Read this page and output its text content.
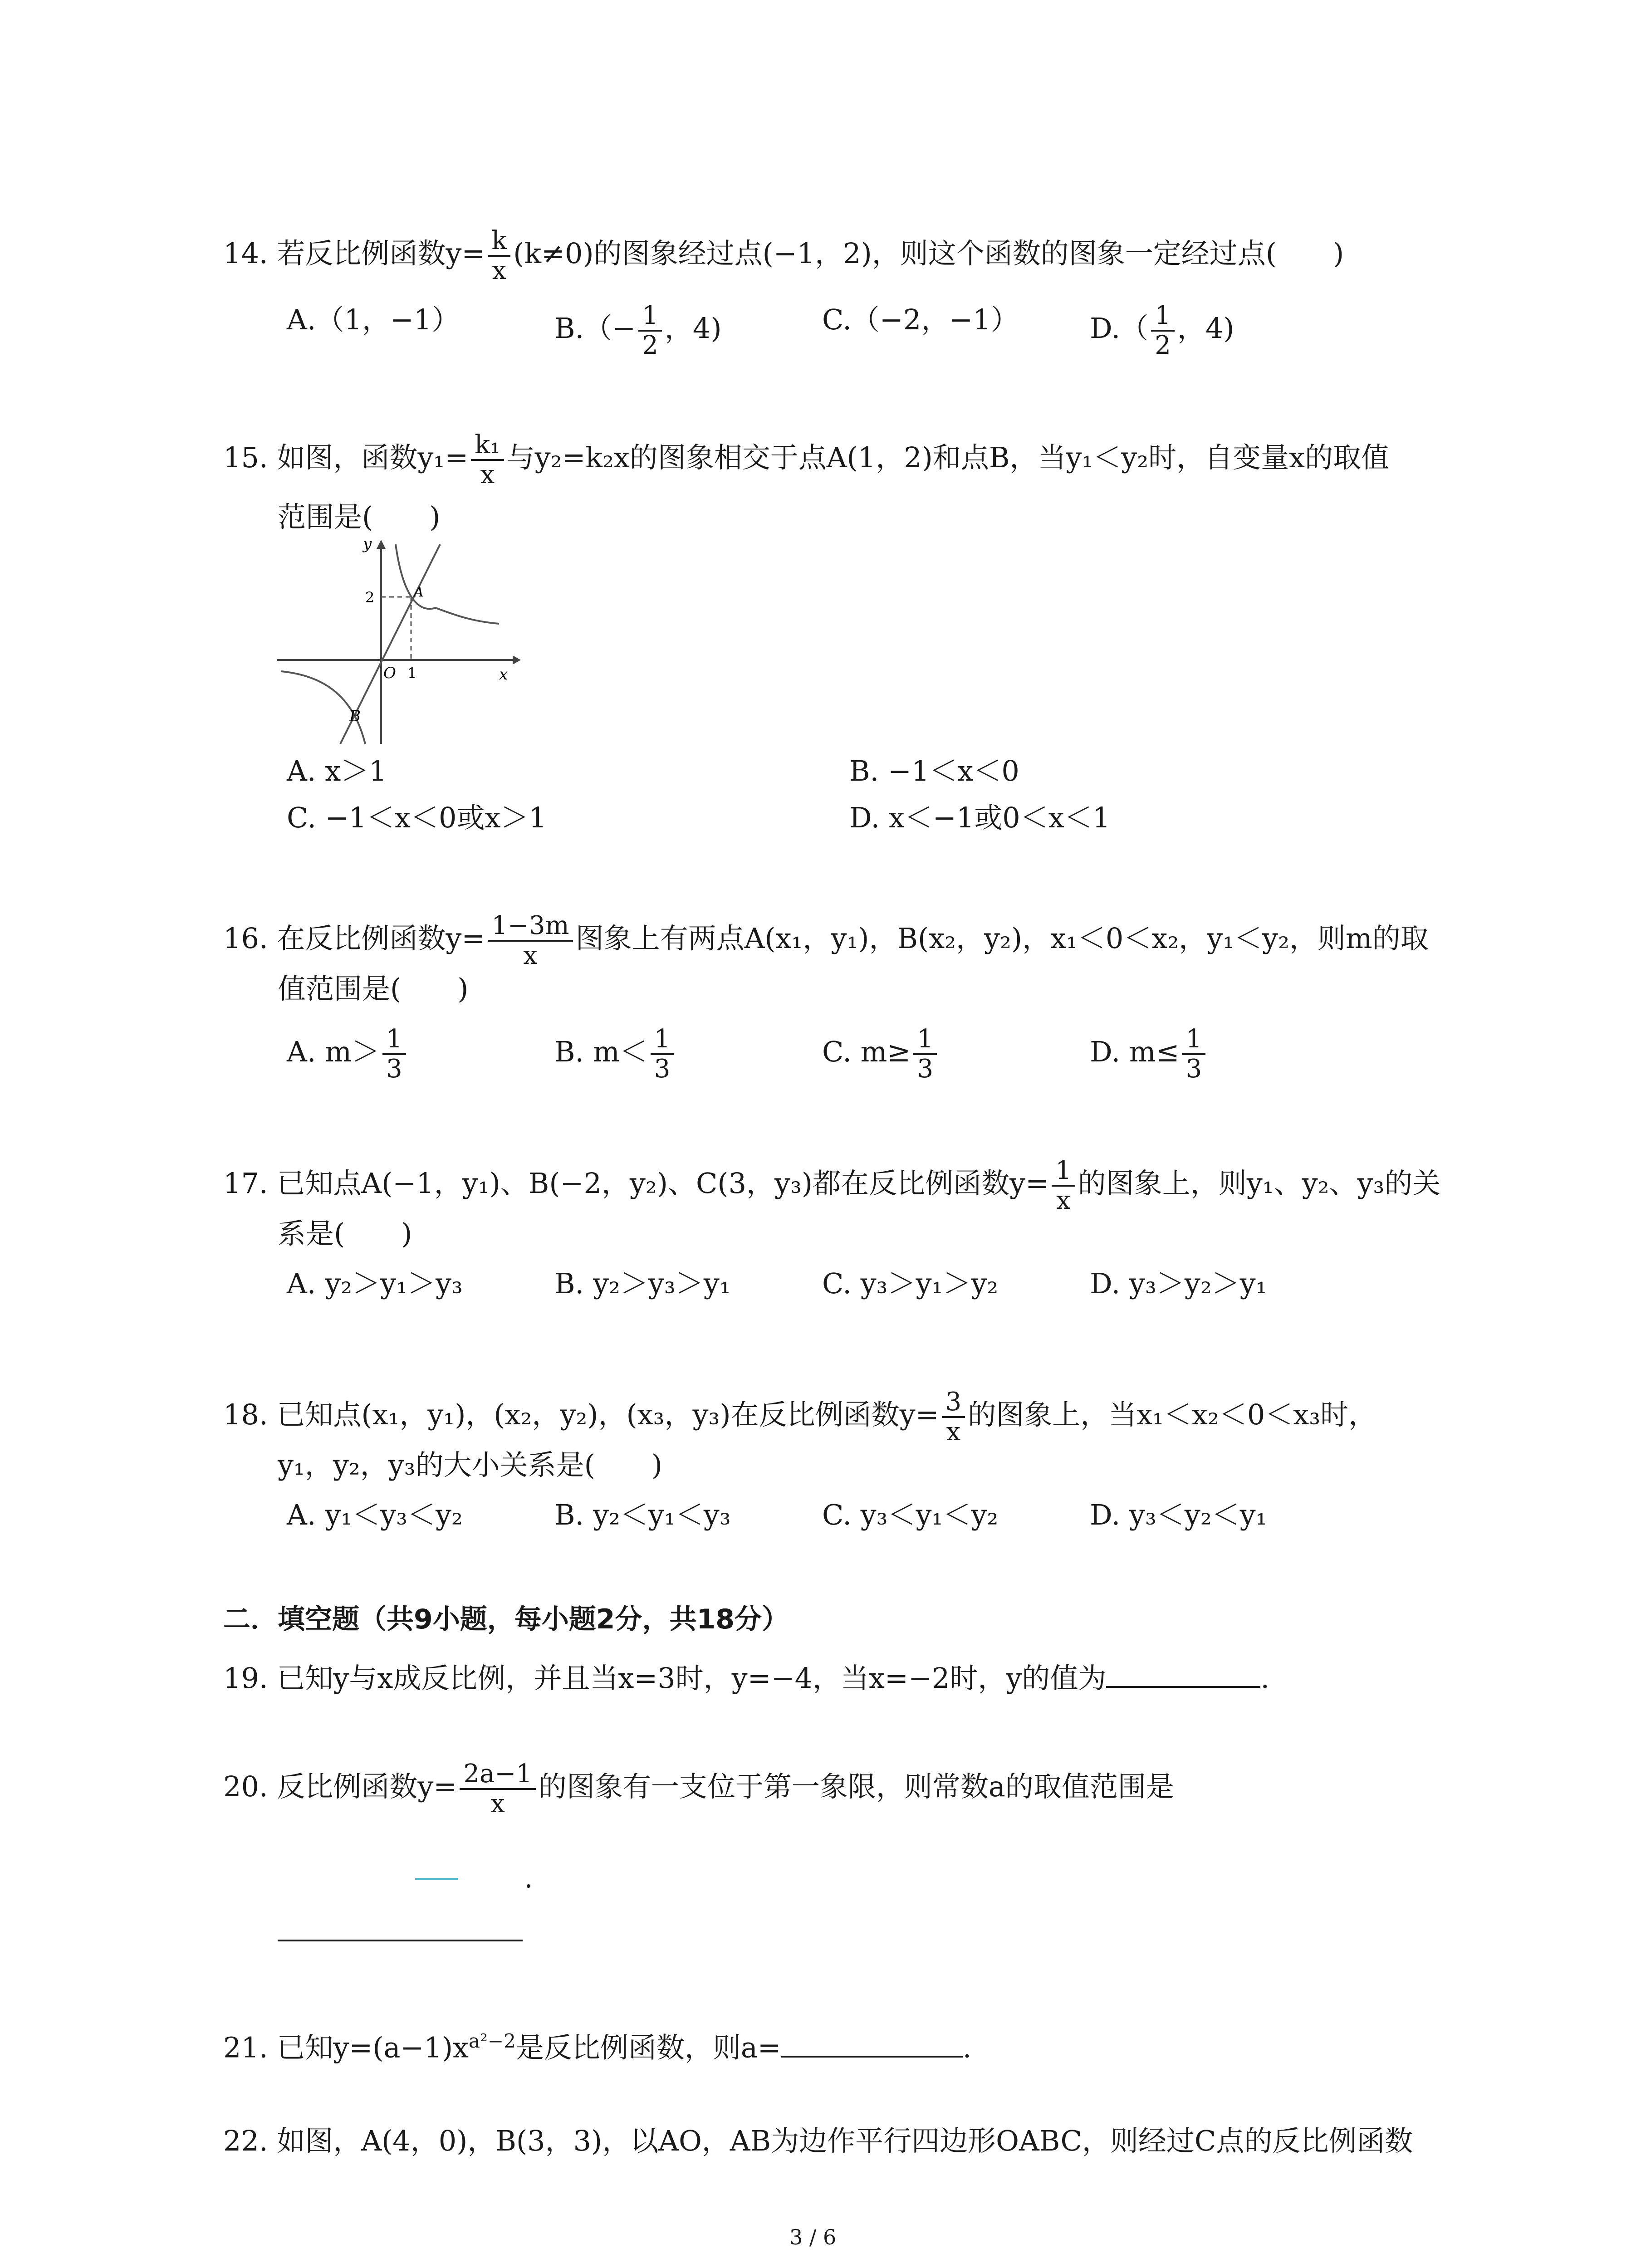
14. 若反比例函数$y= \frac{k}{x} (k\ne 0)$的图象经过点(−1，2)，则这个函数的图象一定经过点(　　)
A.（1，−1）	$B.(- \frac{1}{2}$ ，4)	C.（−2，−1）	$D.( \frac{1}{2}$ ，4)
15. 如图，函数$y_1= \frac{\text{k₁}}{x}$ 与y₂=k₂x的图象相交于点A(1，2)和点B，当y₁＜y₂时，自变量x的取值
范围是(　　)
y
x
O
A
B
2
1
A. x＞1	B. −1＜x＜0
C. −1＜x＜0或x＞1	D. x＜−1或0＜x＜1
16. 在反比例函数$y= \frac{1-3m}{x}$ 图象上有两点A(x₁，y₁)，B(x₂，y₂)，x₁＜0＜x₂，y₁＜y₂，则m的取
值范围是(　　)
A. $m> \frac{1}{3}$	B. $m< \frac{1}{3}$	C. $m\ge \frac{1}{3}$	D. $m\le \frac{1}{3}$
17. 已知点A(−1，y₁)、B(−2，y₂)、C(3，y₃)都在反比例函数$y= \frac{1}{x}$ 的图象上，则y₁、y₂、y₃的关
系是(　　)
A. y₂＞y₁＞y₃	B. y₂＞y₃＞y₁	C. y₃＞y₁＞y₂	D. y₃＞y₂＞y₁
18. 已知点(x₁，y₁)，(x₂，y₂)，(x₃，y₃)在反比例函数$y= \frac{3}{x}$ 的图象上，当x₁＜x₂＜0＜x₃时，
y₁，y₂，y₃的大小关系是(　　)
A. y₁＜y₃＜y₂	B. y₂＜y₁＜y₃	C. y₃＜y₁＜y₂	D. y₃＜y₂＜y₁
二．填空题（共9小题，每小题2分，共18分）
19. 已知y与x成反比例，并且当x=3时，y=−4，当x=−2时，y的值为	.
20. 反比例函数$y= \frac{2a-1}{x}$ 的图象有一支位于第一象限，则常数a的取值范围是
.
21. 已知$y=(a-1)x^{a^2-2}$是反比例函数，则a=	.
22. 如图，A(4，0)，B(3，3)，以AO，AB为边作平行四边形OABC，则经过C点的反比例函数
3 / 6
